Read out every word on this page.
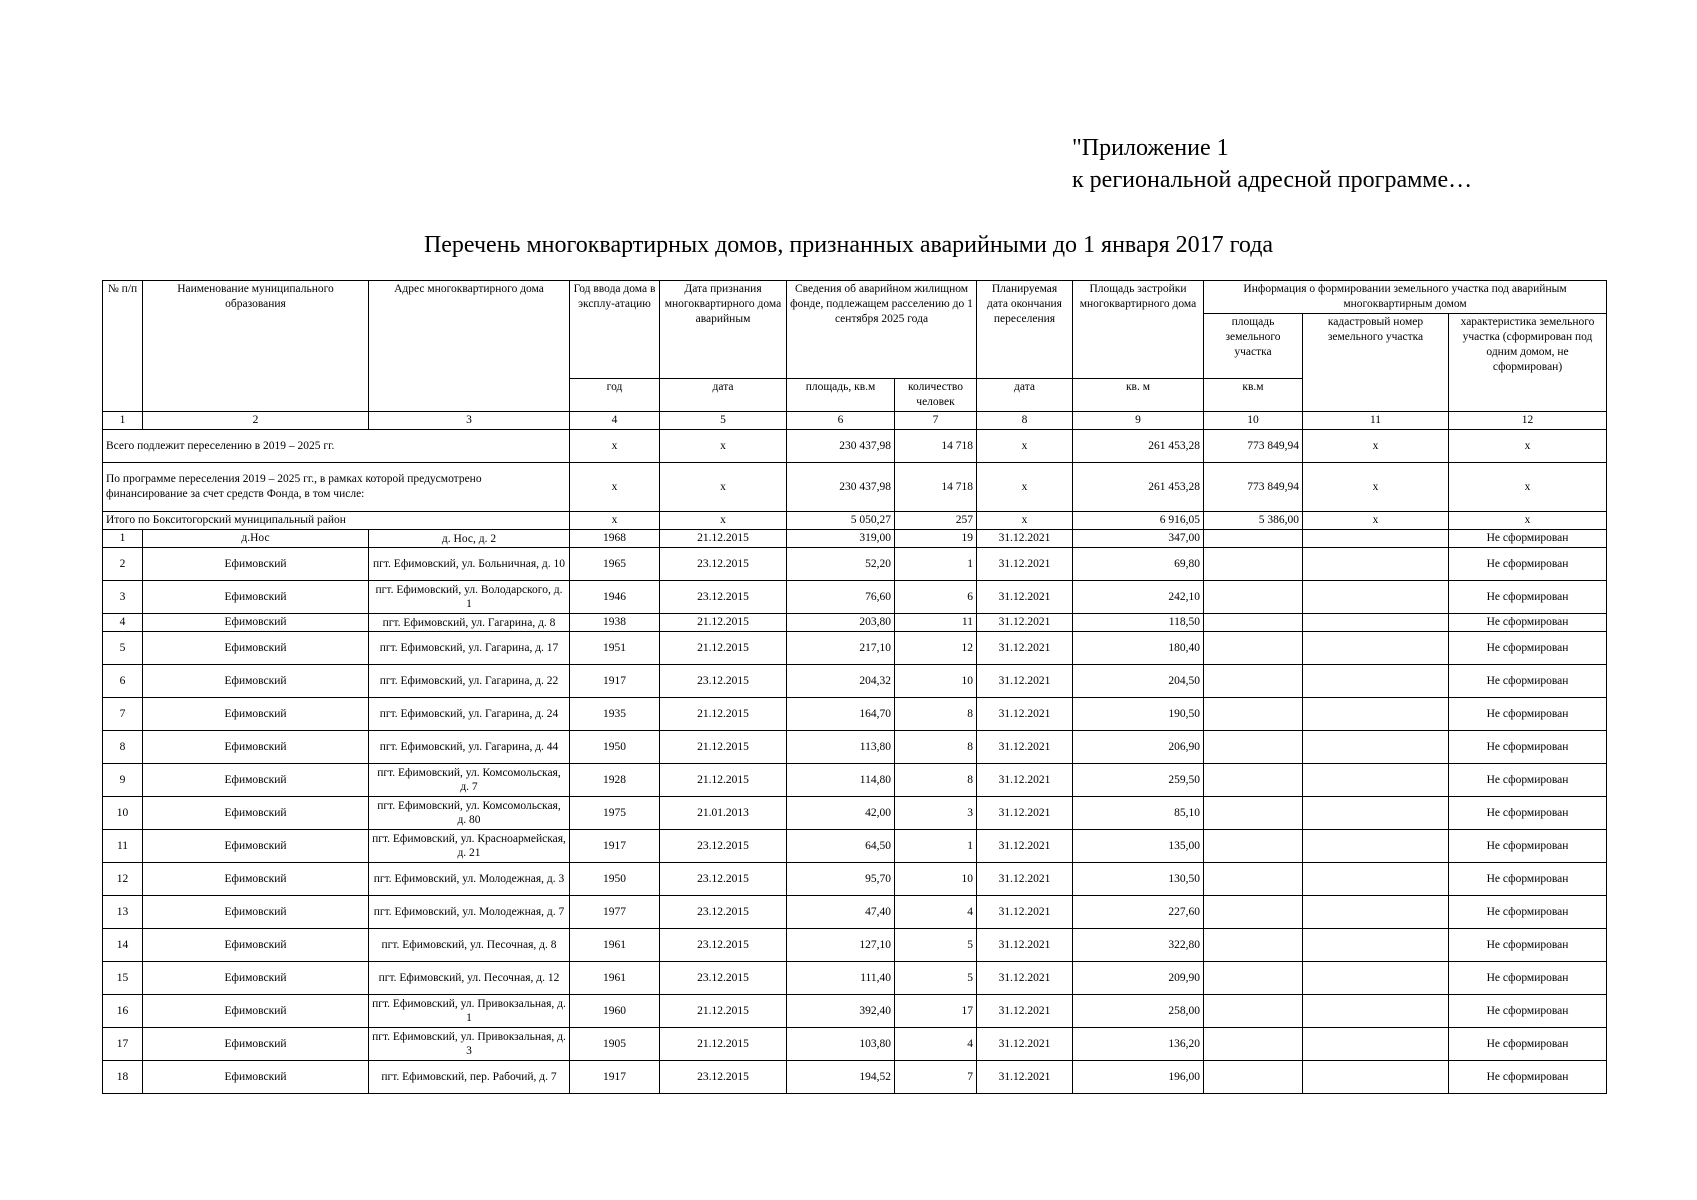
"Приложение 1
к региональной адресной программе…
Перечень многоквартирных домов, признанных аварийными до 1 января 2017 года
№ п/п	Наименование муниципального образования	Адрес многоквартирного дома	Год ввода дома в эксплу-атацию	Дата признания многоквартирного дома аварийным	Сведения об аварийном жилищном фонде, подлежащем расселению до 1 сентября 2025 года		Планируемая дата окончания переселения	Площадь застройки многоквартирного дома	Информация о формировании земельного участка под аварийным многоквартирным домом		
									площадь земельного участка	кадастровый номер земельного участка	характеристика земельного участка (сформирован под одним домом, не сформирован)
			год	дата	площадь, кв.м	количество человек	дата	кв. м	кв.м		
1	2	3	4	5	6	7	8	9	10	11	12
Всего подлежит переселению в 2019 – 2025 гг.			х	х	230 437,98	14 718	х	261 453,28	773 849,94	х	х
По программе переселения 2019 – 2025 гг., в рамках которой предусмотрено финансирование за счет средств Фонда, в том числе:			х	х	230 437,98	14 718	х	261 453,28	773 849,94	х	х
Итого по Бокситогорский муниципальный район			х	х	5 050,27	257	х	6 916,05	5 386,00	х	х
1	д.Нос	д. Нос, д. 2	1968	21.12.2015	319,00	19	31.12.2021	347,00			Не сформирован
2	Ефимовский	пгт. Ефимовский, ул. Больничная, д. 10	1965	23.12.2015	52,20	1	31.12.2021	69,80			Не сформирован
3	Ефимовский	пгт. Ефимовский, ул. Володарского, д. 1	1946	23.12.2015	76,60	6	31.12.2021	242,10			Не сформирован
4	Ефимовский	пгт. Ефимовский, ул. Гагарина, д. 8	1938	21.12.2015	203,80	11	31.12.2021	118,50			Не сформирован
5	Ефимовский	пгт. Ефимовский, ул. Гагарина, д. 17	1951	21.12.2015	217,10	12	31.12.2021	180,40			Не сформирован
6	Ефимовский	пгт. Ефимовский, ул. Гагарина, д. 22	1917	23.12.2015	204,32	10	31.12.2021	204,50			Не сформирован
7	Ефимовский	пгт. Ефимовский, ул. Гагарина, д. 24	1935	21.12.2015	164,70	8	31.12.2021	190,50			Не сформирован
8	Ефимовский	пгт. Ефимовский, ул. Гагарина, д. 44	1950	21.12.2015	113,80	8	31.12.2021	206,90			Не сформирован
9	Ефимовский	пгт. Ефимовский, ул. Комсомольская, д. 7	1928	21.12.2015	114,80	8	31.12.2021	259,50			Не сформирован
10	Ефимовский	пгт. Ефимовский, ул. Комсомольская, д. 80	1975	21.01.2013	42,00	3	31.12.2021	85,10			Не сформирован
11	Ефимовский	пгт. Ефимовский, ул. Красноармейская, д. 21	1917	23.12.2015	64,50	1	31.12.2021	135,00			Не сформирован
12	Ефимовский	пгт. Ефимовский, ул. Молодежная, д. 3	1950	23.12.2015	95,70	10	31.12.2021	130,50			Не сформирован
13	Ефимовский	пгт. Ефимовский, ул. Молодежная, д. 7	1977	23.12.2015	47,40	4	31.12.2021	227,60			Не сформирован
14	Ефимовский	пгт. Ефимовский, ул. Песочная, д. 8	1961	23.12.2015	127,10	5	31.12.2021	322,80			Не сформирован
15	Ефимовский	пгт. Ефимовский, ул. Песочная, д. 12	1961	23.12.2015	111,40	5	31.12.2021	209,90			Не сформирован
16	Ефимовский	пгт. Ефимовский, ул. Привокзальная, д. 1	1960	21.12.2015	392,40	17	31.12.2021	258,00			Не сформирован
17	Ефимовский	пгт. Ефимовский, ул. Привокзальная, д. 3	1905	21.12.2015	103,80	4	31.12.2021	136,20			Не сформирован
18	Ефимовский	пгт. Ефимовский, пер. Рабочий, д. 7	1917	23.12.2015	194,52	7	31.12.2021	196,00			Не сформирован
